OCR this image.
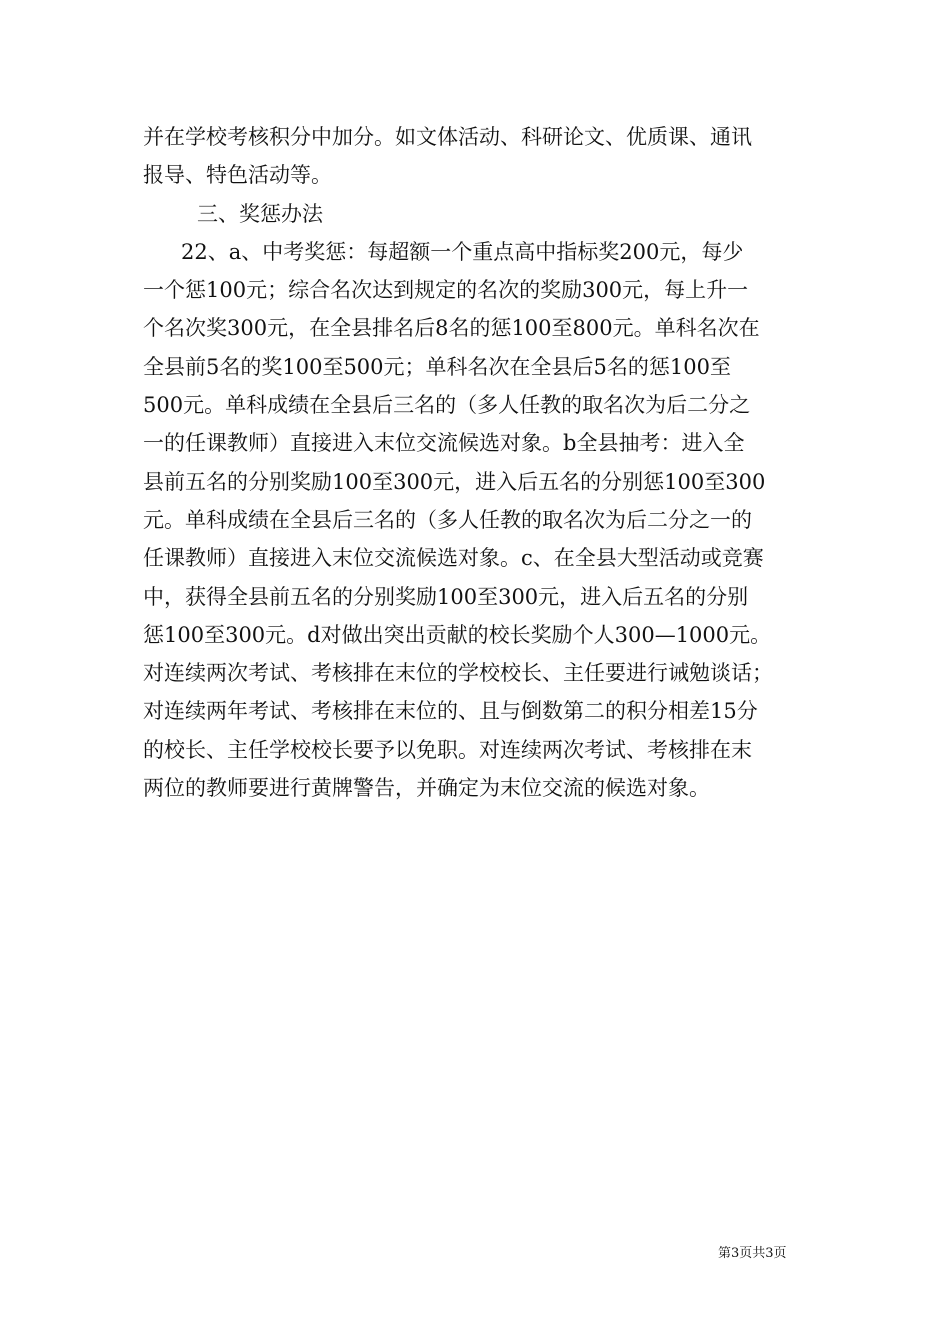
并在学校考核积分中加分。如文体活动、科研论文、优质课、通讯
报导、特色活动等。
三、奖惩办法
22、a、中考奖惩：每超额一个重点高中指标奖200元，每少
一个惩100元；综合名次达到规定的名次的奖励300元，每上升一
个名次奖300元，在全县排名后8名的惩100至800元。单科名次在
全县前5名的奖100至500元；单科名次在全县后5名的惩100至
500元。单科成绩在全县后三名的（多人任教的取名次为后二分之
一的任课教师）直接进入末位交流候选对象。b全县抽考：进入全
县前五名的分别奖励100至300元，进入后五名的分别惩100至300
元。单科成绩在全县后三名的（多人任教的取名次为后二分之一的
任课教师）直接进入末位交流候选对象。c、在全县大型活动或竞赛
中，获得全县前五名的分别奖励100至300元，进入后五名的分别
惩100至300元。d对做出突出贡献的校长奖励个人300—1000元。
对连续两次考试、考核排在末位的学校校长、主任要进行诫勉谈话；
对连续两年考试、考核排在末位的、且与倒数第二的积分相差15分
的校长、主任学校校长要予以免职。对连续两次考试、考核排在末
两位的教师要进行黄牌警告，并确定为末位交流的候选对象。
第3页共3页
